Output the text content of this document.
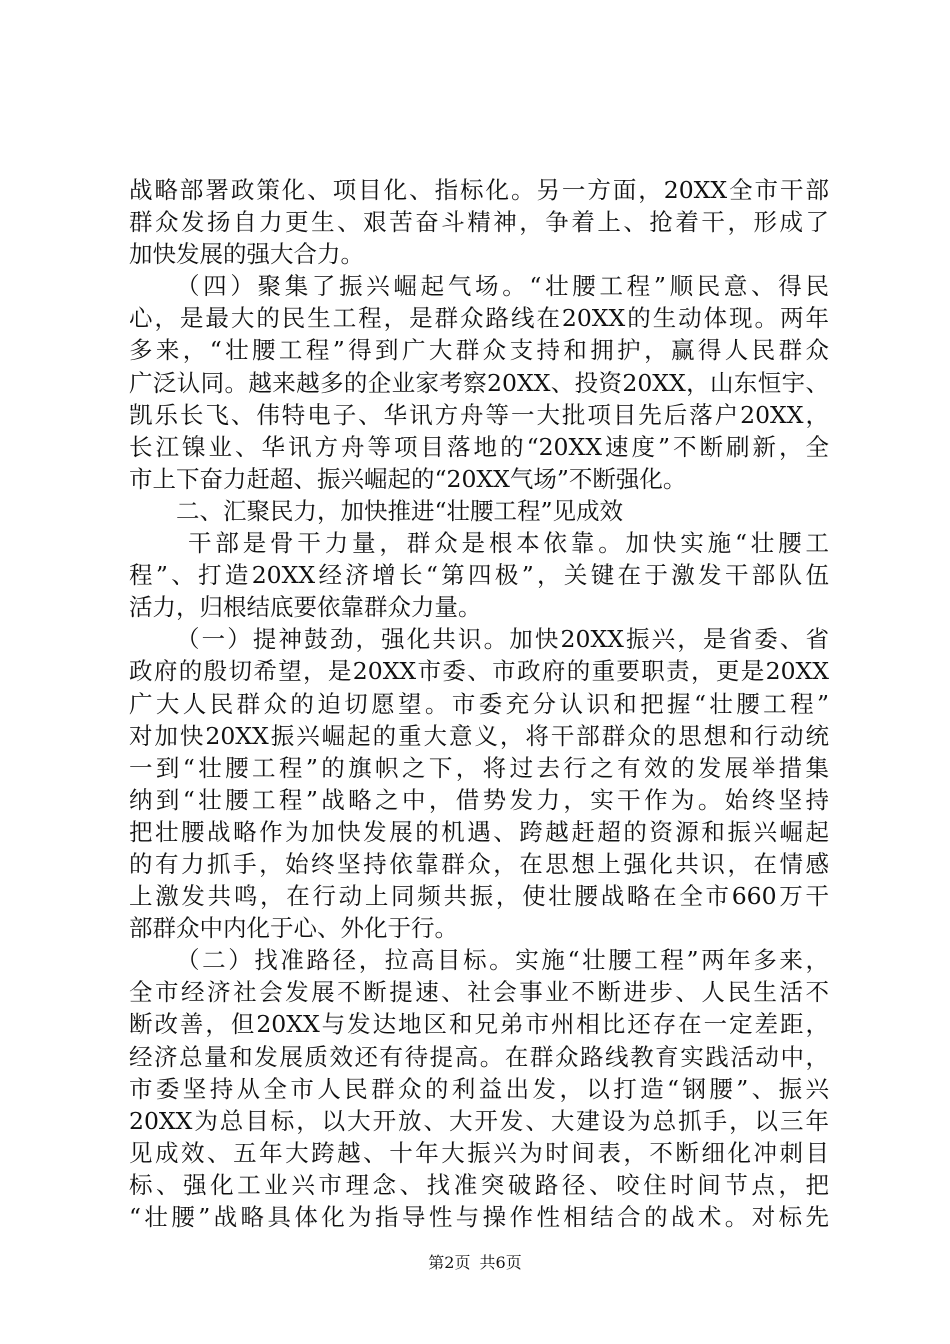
战略部署政策化、项目化、指标化。另一方面，20XX全市干部
群众发扬自力更生、艰苦奋斗精神，争着上、抢着干，形成了
加快发展的强大合力。
（四）聚集了振兴崛起气场。“壮腰工程”顺民意、得民
心，是最大的民生工程，是群众路线在20XX的生动体现。两年
多来，“壮腰工程”得到广大群众支持和拥护，赢得人民群众
广泛认同。越来越多的企业家考察20XX、投资20XX，山东恒宇、
凯乐长飞、伟特电子、华讯方舟等一大批项目先后落户20XX，
长江镍业、华讯方舟等项目落地的“20XX速度”不断刷新，全
市上下奋力赶超、振兴崛起的“20XX气场”不断强化。
二、汇聚民力，加快推进“壮腰工程”见成效
干部是骨干力量，群众是根本依靠。加快实施“壮腰工
程”、打造20XX经济增长“第四极”，关键在于激发干部队伍
活力，归根结底要依靠群众力量。
（一）提神鼓劲，强化共识。加快20XX振兴，是省委、省
政府的殷切希望，是20XX市委、市政府的重要职责，更是20XX
广大人民群众的迫切愿望。市委充分认识和把握“壮腰工程”
对加快20XX振兴崛起的重大意义，将干部群众的思想和行动统
一到“壮腰工程”的旗帜之下，将过去行之有效的发展举措集
纳到“壮腰工程”战略之中，借势发力，实干作为。始终坚持
把壮腰战略作为加快发展的机遇、跨越赶超的资源和振兴崛起
的有力抓手，始终坚持依靠群众，在思想上强化共识，在情感
上激发共鸣，在行动上同频共振，使壮腰战略在全市660万干
部群众中内化于心、外化于行。
（二）找准路径，拉高目标。实施“壮腰工程”两年多来，
全市经济社会发展不断提速、社会事业不断进步、人民生活不
断改善，但20XX与发达地区和兄弟市州相比还存在一定差距，
经济总量和发展质效还有待提高。在群众路线教育实践活动中，
市委坚持从全市人民群众的利益出发，以打造“钢腰”、振兴
20XX为总目标，以大开放、大开发、大建设为总抓手，以三年
见成效、五年大跨越、十年大振兴为时间表，不断细化冲刺目
标、强化工业兴市理念、找准突破路径、咬住时间节点，把
“壮腰”战略具体化为指导性与操作性相结合的战术。对标先
第2页 共6页
